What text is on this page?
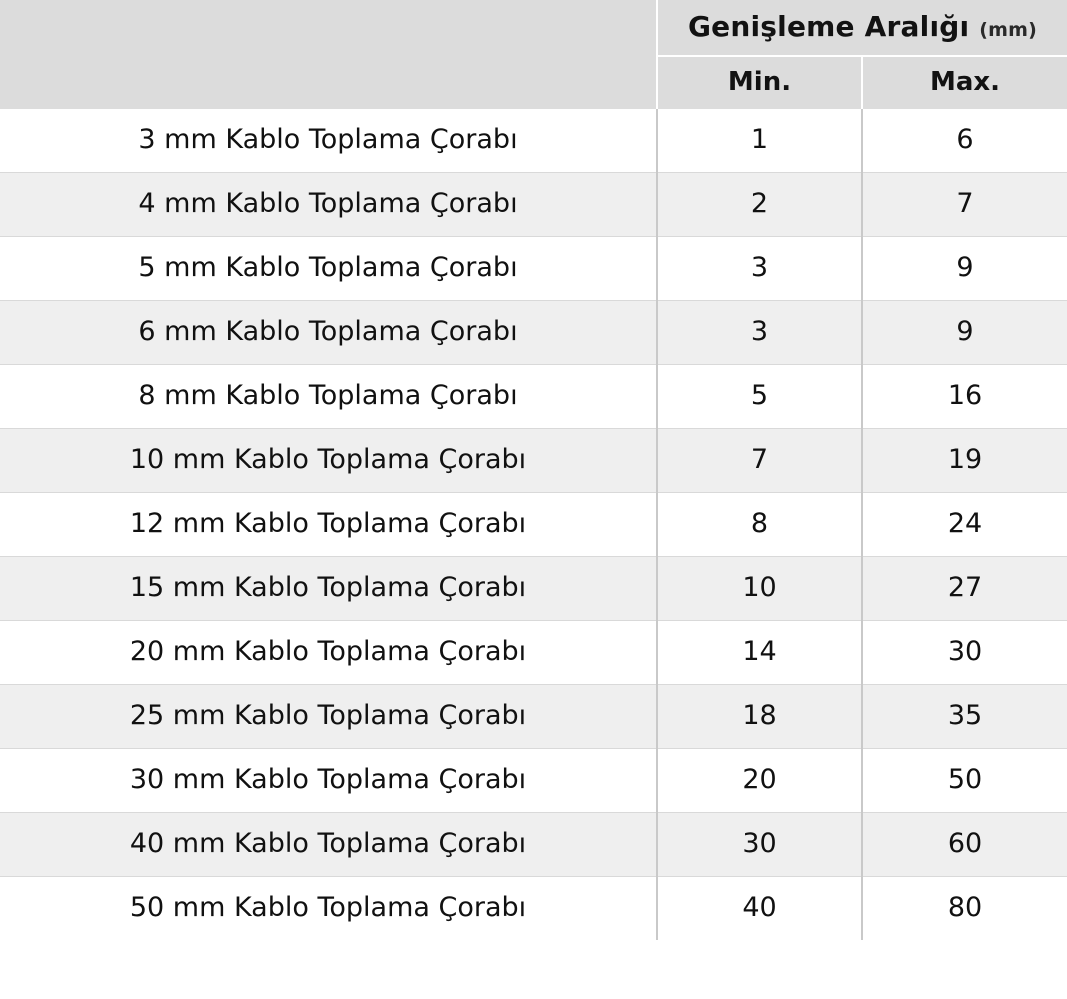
	Genişleme Aralığı (mm)	
	Min.	Max.
3 mm Kablo Toplama Çorabı	1	6
4 mm Kablo Toplama Çorabı	2	7
5 mm Kablo Toplama Çorabı	3	9
6 mm Kablo Toplama Çorabı	3	9
8 mm Kablo Toplama Çorabı	5	16
10 mm Kablo Toplama Çorabı	7	19
12 mm Kablo Toplama Çorabı	8	24
15 mm Kablo Toplama Çorabı	10	27
20 mm Kablo Toplama Çorabı	14	30
25 mm Kablo Toplama Çorabı	18	35
30 mm Kablo Toplama Çorabı	20	50
40 mm Kablo Toplama Çorabı	30	60
50 mm Kablo Toplama Çorabı	40	80
